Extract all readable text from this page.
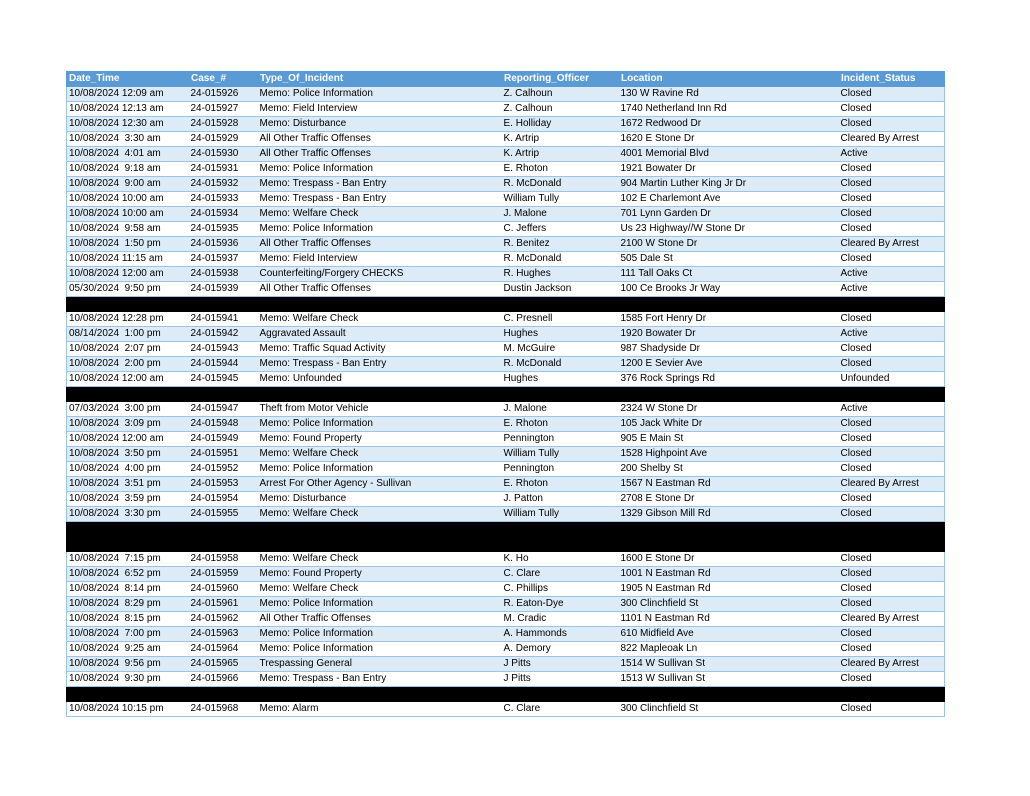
Date_Time	Case_#	Type_Of_Incident	Reporting_Officer	Location	Incident_Status
10/08/2024 12:09 am	24-015926	Memo: Police Information	Z. Calhoun	130 W Ravine Rd	Closed
10/08/2024 12:13 am	24-015927	Memo: Field Interview	Z. Calhoun	1740 Netherland Inn Rd	Closed
10/08/2024 12:30 am	24-015928	Memo: Disturbance	E. Holliday	1672 Redwood Dr	Closed
10/08/2024  3:30 am	24-015929	All Other Traffic Offenses	K. Artrip	1620 E Stone Dr	Cleared By Arrest
10/08/2024  4:01 am	24-015930	All Other Traffic Offenses	K. Artrip	4001 Memorial Blvd	Active
10/08/2024  9:18 am	24-015931	Memo: Police Information	E. Rhoton	1921 Bowater Dr	Closed
10/08/2024  9:00 am	24-015932	Memo: Trespass - Ban Entry	R. McDonald	904 Martin Luther King Jr Dr	Closed
10/08/2024 10:00 am	24-015933	Memo: Trespass - Ban Entry	William Tully	102 E Charlemont Ave	Closed
10/08/2024 10:00 am	24-015934	Memo: Welfare Check	J. Malone	701 Lynn Garden Dr	Closed
10/08/2024  9:58 am	24-015935	Memo: Police Information	C. Jeffers	Us 23 Highway//W Stone Dr	Closed
10/08/2024  1:50 pm	24-015936	All Other Traffic Offenses	R. Benitez	2100 W Stone Dr	Cleared By Arrest
10/08/2024 11:15 am	24-015937	Memo: Field Interview	R. McDonald	505 Dale St	Closed
10/08/2024 12:00 am	24-015938	Counterfeiting/Forgery CHECKS	R. Hughes	111 Tall Oaks Ct	Active
05/30/2024  9:50 pm	24-015939	All Other Traffic Offenses	Dustin Jackson	100 Ce Brooks Jr Way	Active

10/08/2024 12:28 pm	24-015941	Memo: Welfare Check	C. Presnell	1585 Fort Henry Dr	Closed
08/14/2024  1:00 pm	24-015942	Aggravated Assault	Hughes	1920 Bowater Dr	Active
10/08/2024  2:07 pm	24-015943	Memo: Traffic Squad Activity	M. McGuire	987 Shadyside Dr	Closed
10/08/2024  2:00 pm	24-015944	Memo: Trespass - Ban Entry	R. McDonald	1200 E Sevier Ave	Closed
10/08/2024 12:00 am	24-015945	Memo: Unfounded	Hughes	376 Rock Springs Rd	Unfounded

07/03/2024  3:00 pm	24-015947	Theft from Motor Vehicle	J. Malone	2324 W Stone Dr	Active
10/08/2024  3:09 pm	24-015948	Memo: Police Information	E. Rhoton	105 Jack White Dr	Closed
10/08/2024 12:00 am	24-015949	Memo: Found Property	Pennington	905 E Main St	Closed
10/08/2024  3:50 pm	24-015951	Memo: Welfare Check	William Tully	1528 Highpoint Ave	Closed
10/08/2024  4:00 pm	24-015952	Memo: Police Information	Pennington	200 Shelby St	Closed
10/08/2024  3:51 pm	24-015953	Arrest For Other Agency - Sullivan	E. Rhoton	1567 N Eastman Rd	Cleared By Arrest
10/08/2024  3:59 pm	24-015954	Memo: Disturbance	J. Patton	2708 E Stone Dr	Closed
10/08/2024  3:30 pm	24-015955	Memo: Welfare Check	William Tully	1329 Gibson Mill Rd	Closed

10/08/2024  7:15 pm	24-015958	Memo: Welfare Check	K. Ho	1600 E Stone Dr	Closed
10/08/2024  6:52 pm	24-015959	Memo: Found Property	C. Clare	1001 N Eastman Rd	Closed
10/08/2024  8:14 pm	24-015960	Memo: Welfare Check	C. Phillips	1905 N Eastman Rd	Closed
10/08/2024  8:29 pm	24-015961	Memo: Police Information	R. Eaton-Dye	300 Clinchfield St	Closed
10/08/2024  8:15 pm	24-015962	All Other Traffic Offenses	M. Cradic	1101 N Eastman Rd	Cleared By Arrest
10/08/2024  7:00 pm	24-015963	Memo: Police Information	A. Hammonds	610 Midfield Ave	Closed
10/08/2024  9:25 am	24-015964	Memo: Police Information	A. Demory	822 Mapleoak Ln	Closed
10/08/2024  9:56 pm	24-015965	Trespassing General	J Pitts	1514 W Sullivan St	Cleared By Arrest
10/08/2024  9:30 pm	24-015966	Memo: Trespass - Ban Entry	J Pitts	1513 W Sullivan St	Closed

10/08/2024 10:15 pm	24-015968	Memo: Alarm	C. Clare	300 Clinchfield St	Closed
